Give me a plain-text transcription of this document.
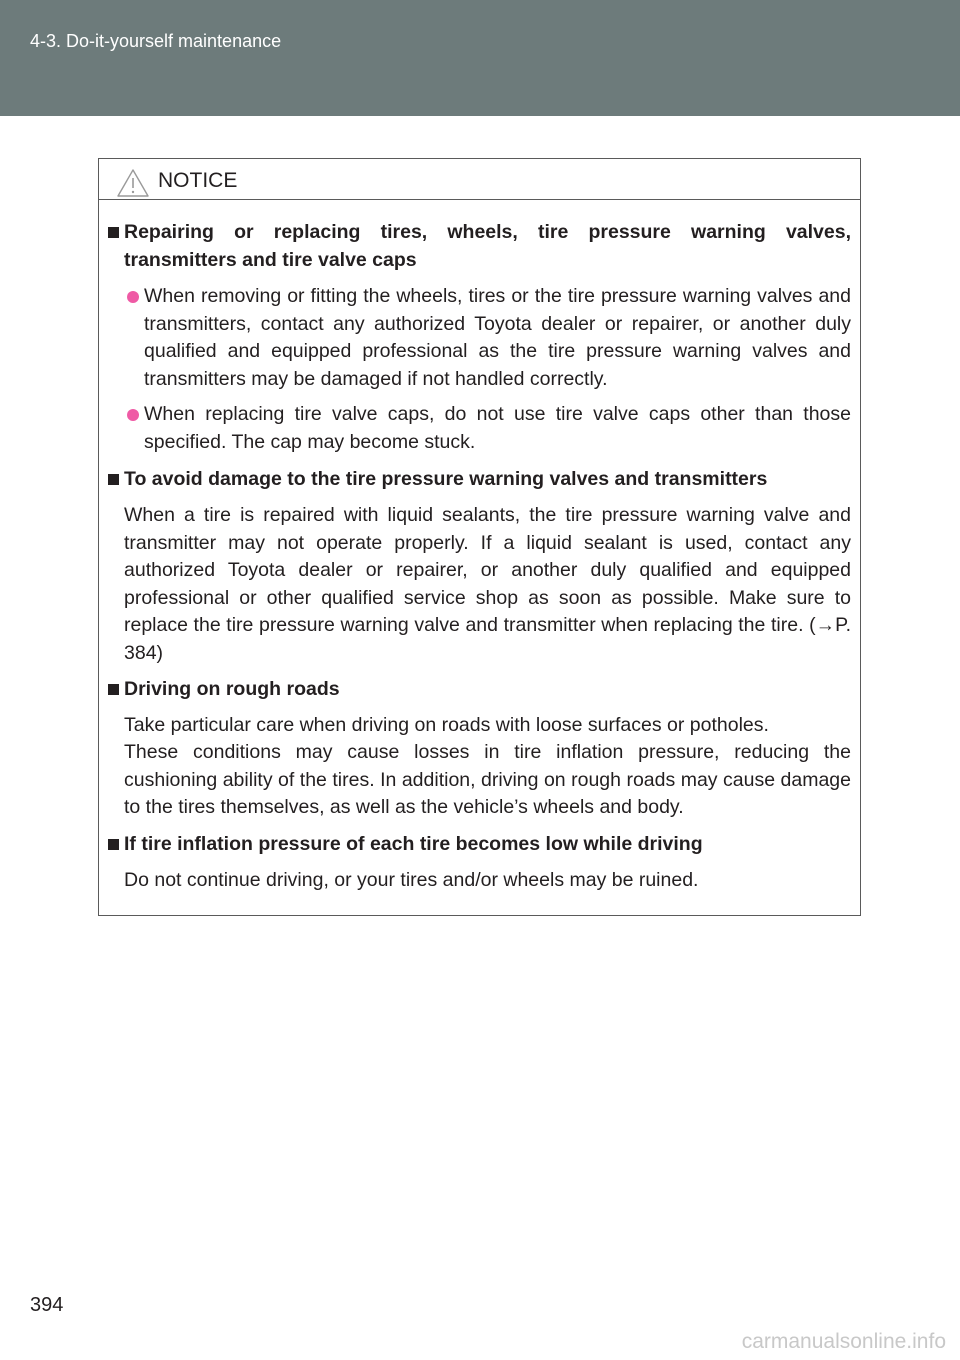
4-3. Do-it-yourself maintenance
NOTICE
Repairing or replacing tires, wheels, tire pressure warning valves, transmitters and tire valve caps
When removing or fitting the wheels, tires or the tire pressure warning valves and transmitters, contact any authorized Toyota dealer or repairer, or another duly qualified and equipped professional as the tire pressure warning valves and transmitters may be damaged if not handled correctly.
When replacing tire valve caps, do not use tire valve caps other than those specified. The cap may become stuck.
To avoid damage to the tire pressure warning valves and transmitters
When a tire is repaired with liquid sealants, the tire pressure warning valve and transmitter may not operate properly. If a liquid sealant is used, contact any authorized Toyota dealer or repairer, or another duly qualified and equipped professional or other qualified service shop as soon as possible. Make sure to replace the tire pressure warning valve and transmitter when replacing the tire. (→P. 384)
Driving on rough roads
Take particular care when driving on roads with loose surfaces or potholes.
These conditions may cause losses in tire inflation pressure, reducing the cushioning ability of the tires. In addition, driving on rough roads may cause damage to the tires themselves, as well as the vehicle’s wheels and body.
If tire inflation pressure of each tire becomes low while driving
Do not continue driving, or your tires and/or wheels may be ruined.
394
carmanualsonline.info
